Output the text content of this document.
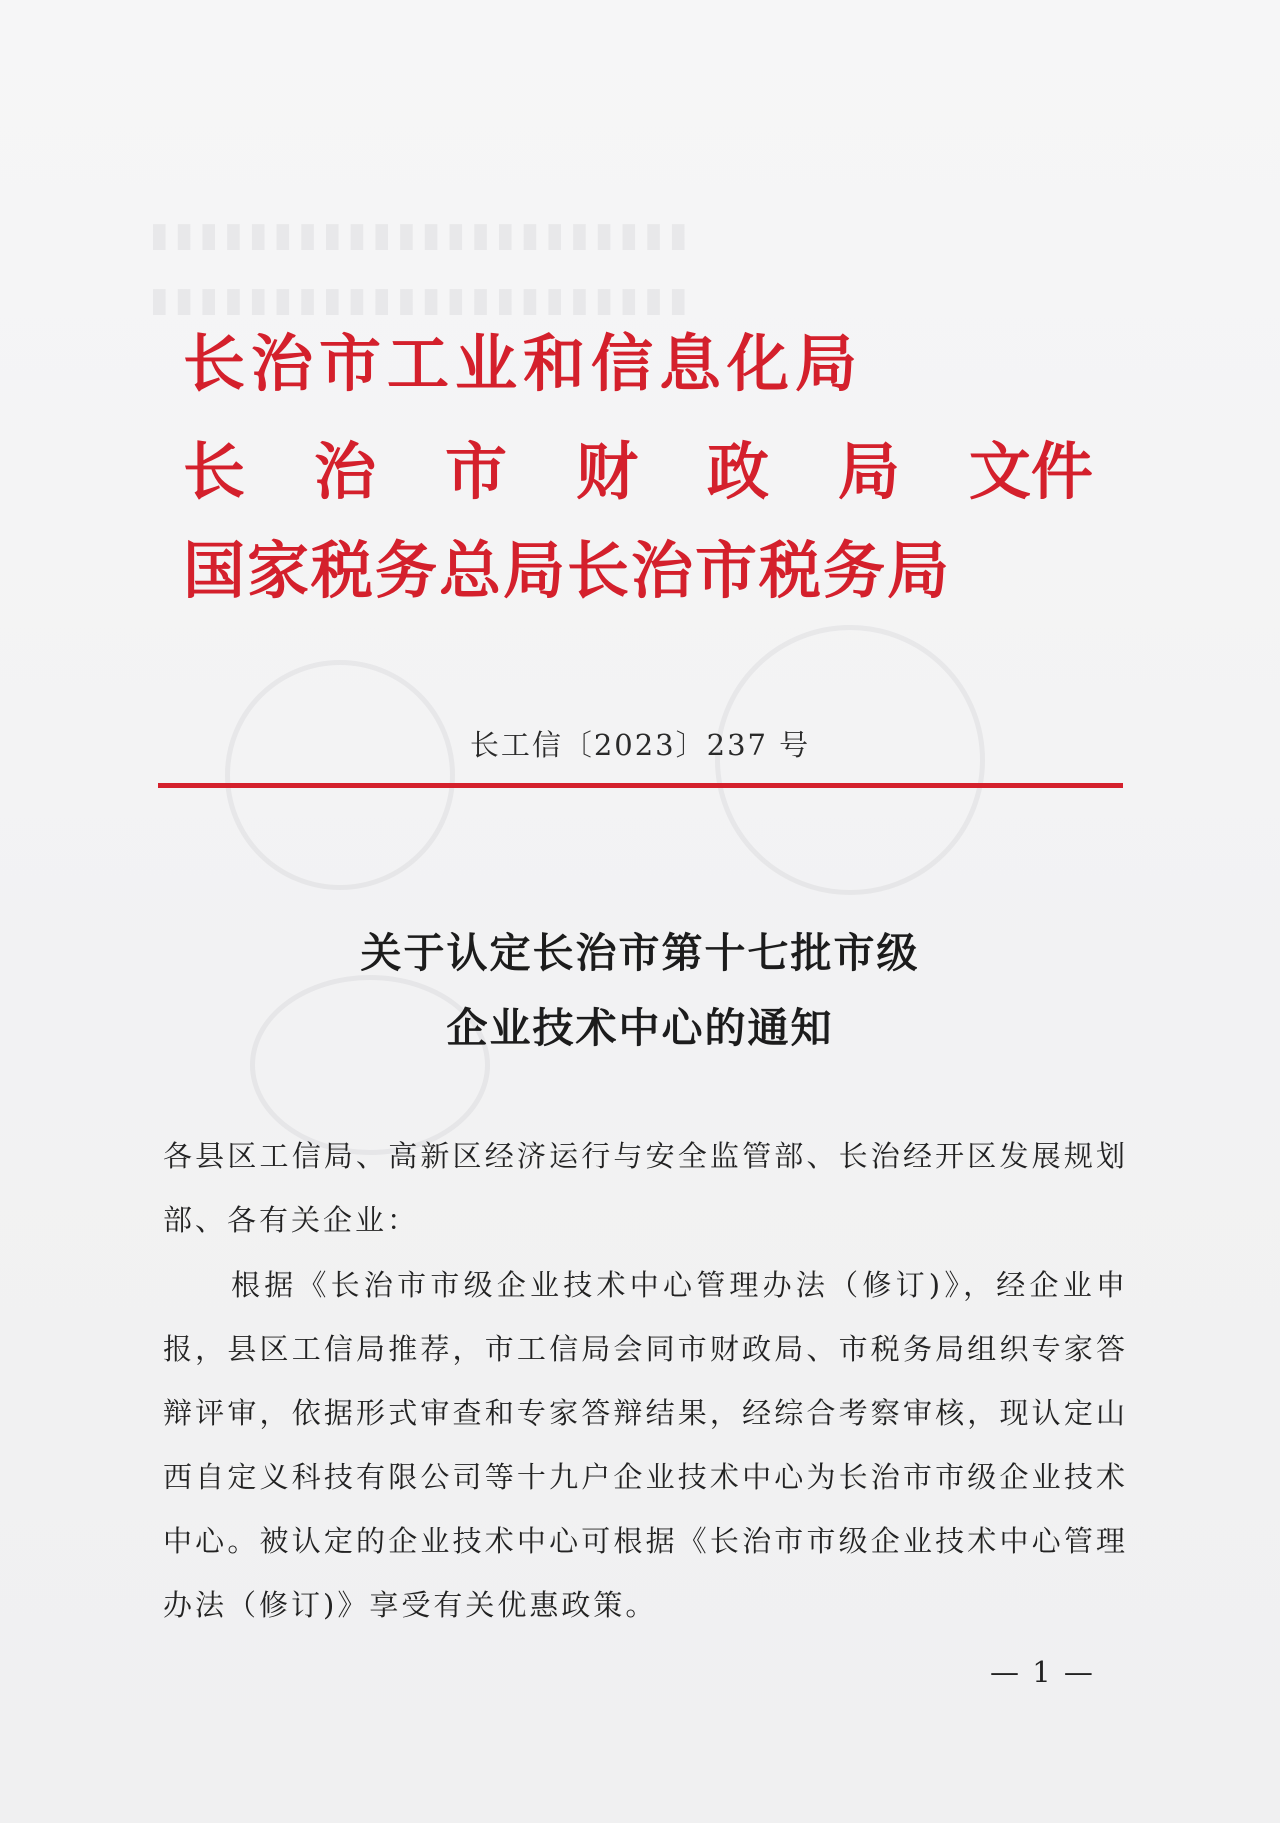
▮▮▮▮▮▮▮▮▮▮▮▮▮▮▮▮▮▮▮▮▮▮
▮▮▮▮▮▮▮▮▮▮▮▮▮▮▮▮▮▮▮▮▮▮
长治市工业和信息化局
长 治 市 财 政 局 文件
国家税务总局长治市税务局
长工信〔2023〕237 号
关于认定长治市第十七批市级
企业技术中心的通知
各县区工信局、高新区经济运行与安全监管部、长治经开区发展规划部、各有关企业：
根据《长治市市级企业技术中心管理办法（修订)》，经企业申报，县区工信局推荐，市工信局会同市财政局、市税务局组织专家答辩评审，依据形式审查和专家答辩结果，经综合考察审核，现认定山西自定义科技有限公司等十九户企业技术中心为长治市市级企业技术中心。被认定的企业技术中心可根据《长治市市级企业技术中心管理办法（修订)》享受有关优惠政策。
— 1 —
